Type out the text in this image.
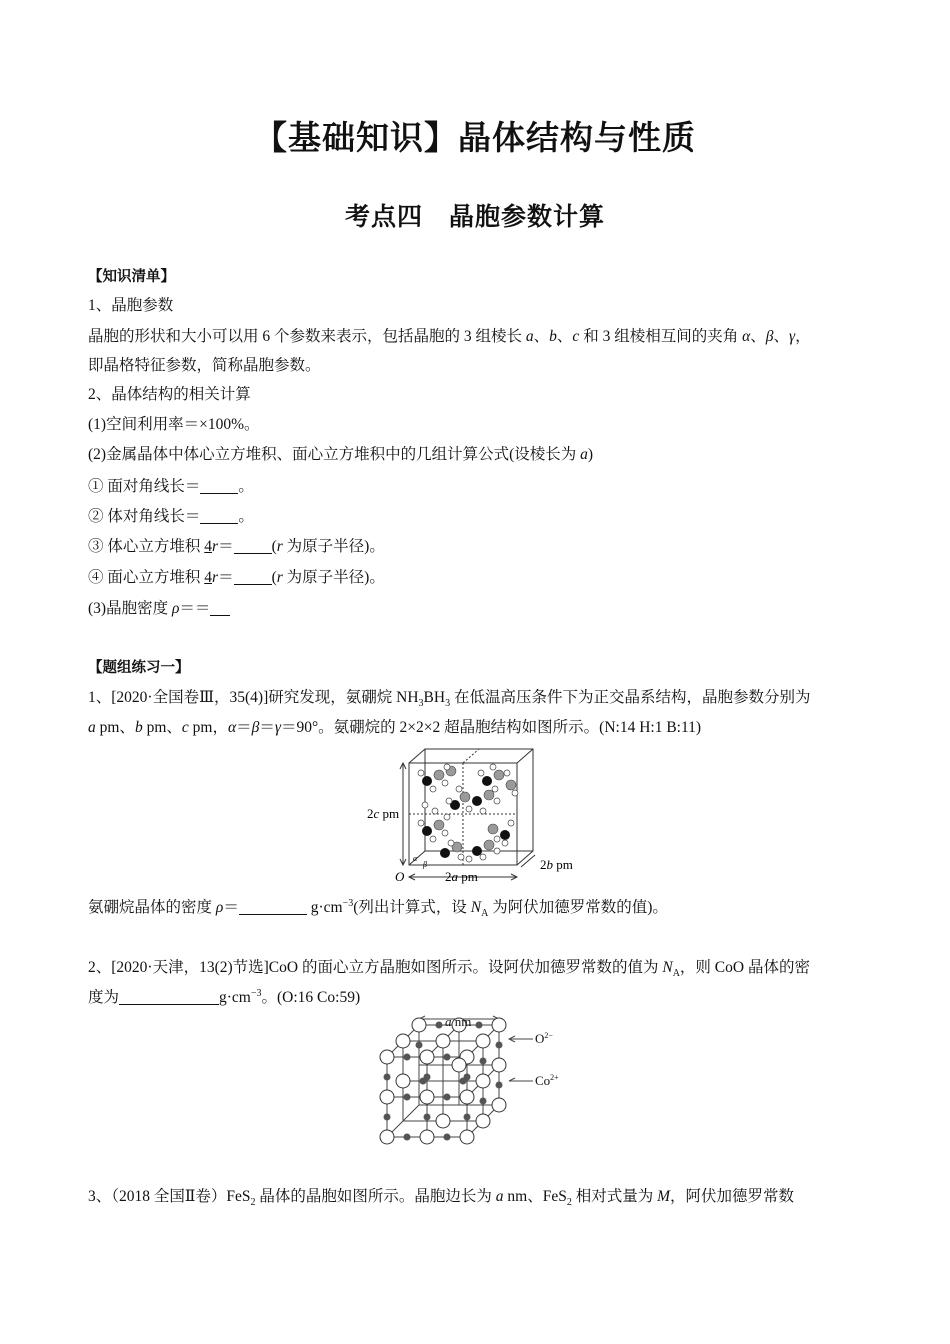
【基础知识】晶体结构与性质
考点四　晶胞参数计算
【知识清单】
1、晶胞参数
晶胞的形状和大小可以用 6 个参数来表示，包括晶胞的 3 组棱长 a、b、c 和 3 组棱相互间的夹角 α、β、γ，
即晶格特征参数，简称晶胞参数。
2、晶体结构的相关计算
(1)空间利用率＝×100%。
(2)金属晶体中体心立方堆积、面心立方堆积中的几组计算公式(设棱长为 a)
① 面对角线长＝ 。
② 体对角线长＝ 。
③ 体心立方堆积 4r＝ (r 为原子半径)。
④ 面心立方堆积 4r＝ (r 为原子半径)。
(3)晶胞密度 ρ＝＝
【题组练习一】
1、[2020·全国卷Ⅲ，35(4)]研究发现，氨硼烷 $NH_3BH_3$ 在低温高压条件下为正交晶系结构，晶胞参数分别为
a pm、b pm、c pm，α＝β＝γ＝90°。氨硼烷的 2×2×2 超晶胞结构如图所示。(N:14 H:1 B:11)
2c pm
2b pm
2a pm
O
α
β
氨硼烷晶体的密度 ρ＝	$g\cdot cm^{-3}$(列出计算式，设 $N_A$ 为阿伏加德罗常数的值)。
2、[2020·天津，13(2)节选]CoO 的面心立方晶胞如图所示。设阿伏加德罗常数的值为 $N_A$，则 CoO 晶体的密
度为	$g\cdot cm^{-3}$。(O:16 Co:59)
a nm
$O^{2-}$
$Co^{2+}$
3、（2018 全国Ⅱ卷）FeS$_2$ 晶体的晶胞如图所示。晶胞边长为 a nm、FeS$_2$ 相对式量为 M，阿伏加德罗常数
